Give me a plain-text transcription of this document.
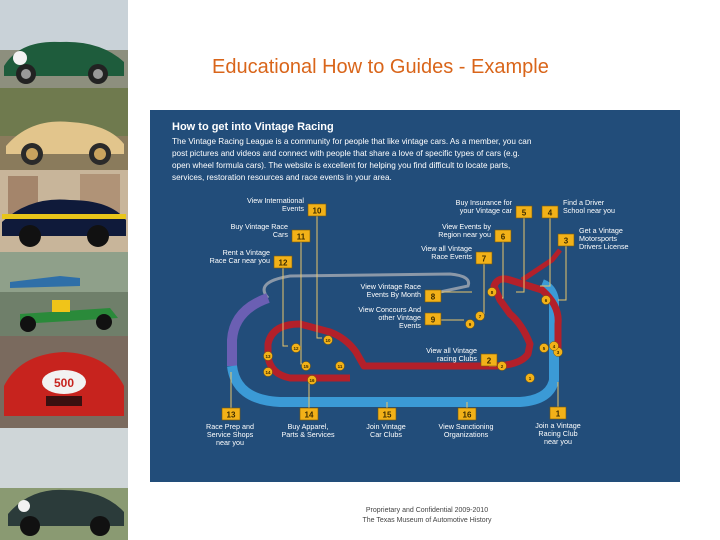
500
Educational How to Guides - Example
How to get into Vintage Racing
The Vintage Racing League is a community for people that like vintage cars. As a member, you can
post pictures and videos and connect with people that share a love of specific types of cars (e.g.
open wheel formula cars). The website is excellent for helping you find difficult to locate parts,
services, restoration resources and race events in your area.
Join a Vintage
Racing Club
near you
View all Vintage
racing Clubs
Get a Vintage
Motorsports
Drivers License
Find a Driver
School near you
Buy Insurance for
your Vintage car
View Events by
Region near you
View all Vintage
Race Events
View Vintage Race
Events By Month
View Concours And
other Vintage
Events
View International
Events
Buy Vintage Race
Cars
Rent a Vintage
Race Car near you
Race Prep and
Service Shops
near you
Buy Apparel,
Parts & Services
Join Vintage
Car Clubs
View Sanctioning
Organizations
1
2
3
4
5
6
7
8
9
10
11
12
13	14	15	16
1
2
3
4
5
6
7
8
9
10
11
12
13
14
15
16
Proprietary and Confidential 2009-2010
The Texas Museum of Automotive History
